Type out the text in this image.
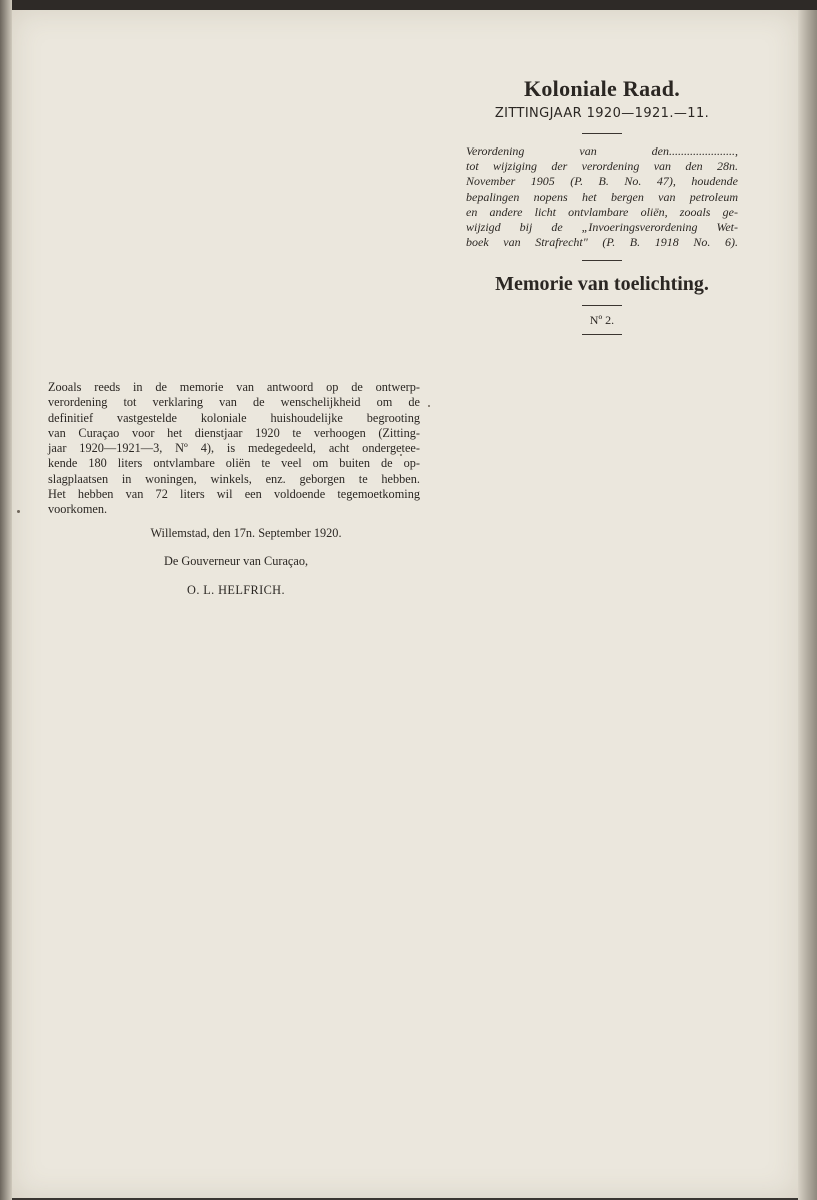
Koloniale Raad.

ZITTINGJAAR 1920—1921.—11.

Verordening van den......................,
tot wijziging der verordening van den 28n.
November 1905 (P. B. No. 47), houdende
bepalingen nopens het bergen van petroleum
en andere licht ontvlambare oliën, zooals ge-
wijzigd bij de „Invoeringsverordening Wet-
boek van Strafrecht" (P. B. 1918 No. 6).

Memorie van toelichting.

Nº 2.

Zooals reeds in de memorie van antwoord op de ontwerp-
verordening tot verklaring van de wenschelijkheid om de
definitief vastgestelde koloniale huishoudelijke begrooting
van Curaçao voor het dienstjaar 1920 te verhoogen (Zitting-
jaar 1920—1921—3, Nº 4), is medegedeeld, acht ondergetee-
kende 180 liters ontvlambare oliën te veel om buiten de op-
slagplaatsen in woningen, winkels, enz. geborgen te hebben.
Het hebben van 72 liters wil een voldoende tegemoetkoming
voorkomen.

Willemstad, den 17n. September 1920.

De Gouverneur van Curaçao,

O. L. HELFRICH.
